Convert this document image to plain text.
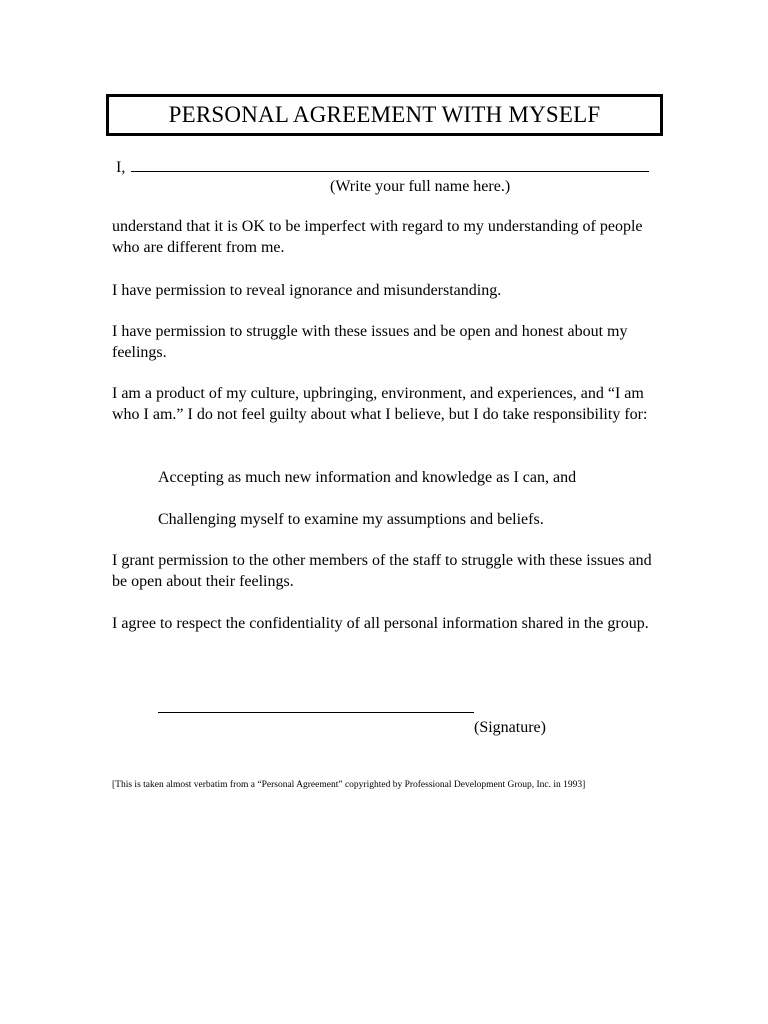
PERSONAL AGREEMENT WITH MYSELF
I,
(Write your full name here.)

understand that it is OK to be imperfect with regard to my understanding of people who are different from me.

I have permission to reveal ignorance and misunderstanding.

I have permission to struggle with these issues and be open and honest about my feelings.

I am a product of my culture, upbringing, environment, and experiences, and “I am who I am.” I do not feel guilty about what I believe, but I do take responsibility for:

Accepting as much new information and knowledge as I can, and

Challenging myself to examine my assumptions and beliefs.

I grant permission to the other members of the staff to struggle with these issues and be open about their feelings.

I agree to respect the confidentiality of all personal information shared in the group.

(Signature)
[This is taken almost verbatim from a “Personal Agreement” copyrighted by Professional Development Group, Inc. in 1993]
